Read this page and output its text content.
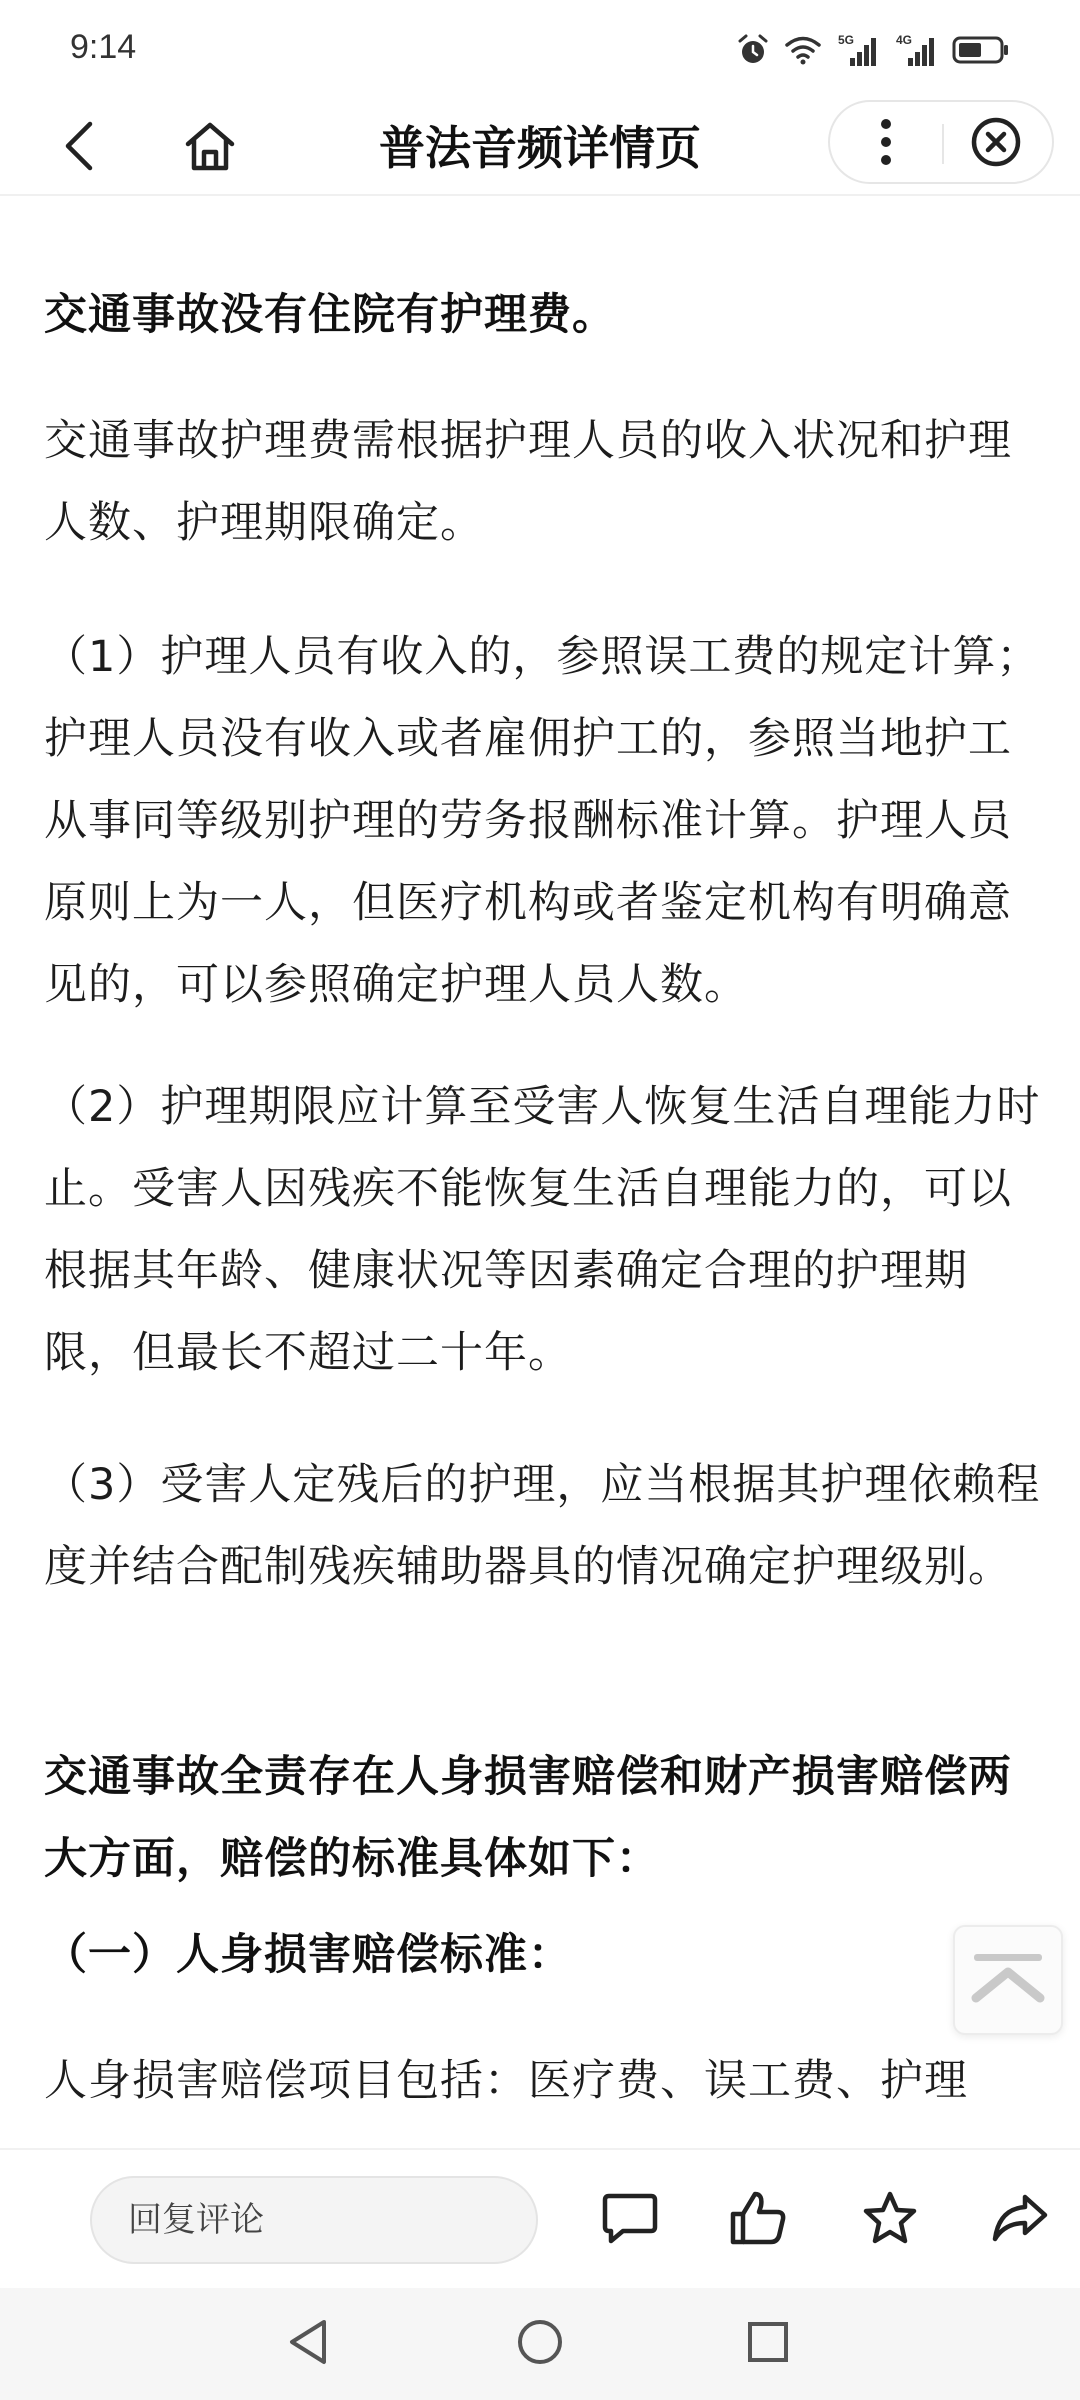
9:14	5G	4G
普法音频详情页
交通事故没有住院有护理费。
交通事故护理费需根据护理人员的收入状况和护理人数、护理期限确定。
（1）护理人员有收入的，参照误工费的规定计算；护理人员没有收入或者雇佣护工的，参照当地护工从事同等级别护理的劳务报酬标准计算。护理人员原则上为一人，但医疗机构或者鉴定机构有明确意见的，可以参照确定护理人员人数。
（2）护理期限应计算至受害人恢复生活自理能力时止。受害人因残疾不能恢复生活自理能力的，可以根据其年龄、健康状况等因素确定合理的护理期限，但最长不超过二十年。
（3）受害人定残后的护理，应当根据其护理依赖程度并结合配制残疾辅助器具的情况确定护理级别。
交通事故全责存在人身损害赔偿和财产损害赔偿两大方面，赔偿的标准具体如下：
（一）人身损害赔偿标准：
人身损害赔偿项目包括：医疗费、误工费、护理
回复评论
